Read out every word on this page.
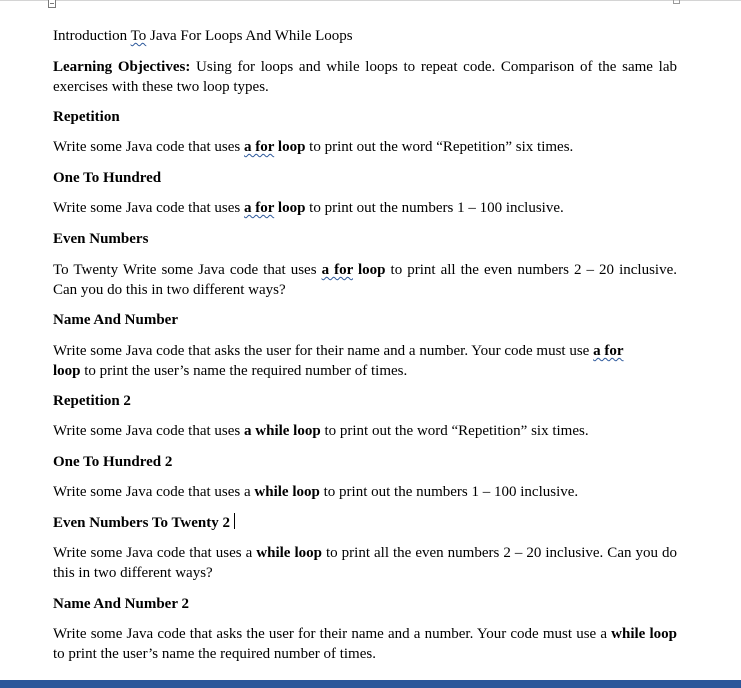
Introduction To Java For Loops And While Loops
Learning Objectives: Using for loops and while loops to repeat code. Comparison of the same lab exercises with these two loop types.
Repetition
Write some Java code that uses a for loop to print out the word “Repetition” six times.
One To Hundred
Write some Java code that uses a for loop to print out the numbers 1 – 100 inclusive.
Even Numbers
To Twenty Write some Java code that uses a for loop to print all the even numbers 2 – 20 inclusive. Can you do this in two different ways?
Name And Number
Write some Java code that asks the user for their name and a number. Your code must use a for
loop to print the user’s name the required number of times.
Repetition 2
Write some Java code that uses a while loop to print out the word “Repetition” six times.
One To Hundred 2
Write some Java code that uses a while loop to print out the numbers 1 – 100 inclusive.
Even Numbers To Twenty 2
Write some Java code that uses a while loop to print all the even numbers 2 – 20 inclusive. Can you do this in two different ways?
Name And Number 2
Write some Java code that asks the user for their name and a number. Your code must use a while loop to print the user’s name the required number of times.
